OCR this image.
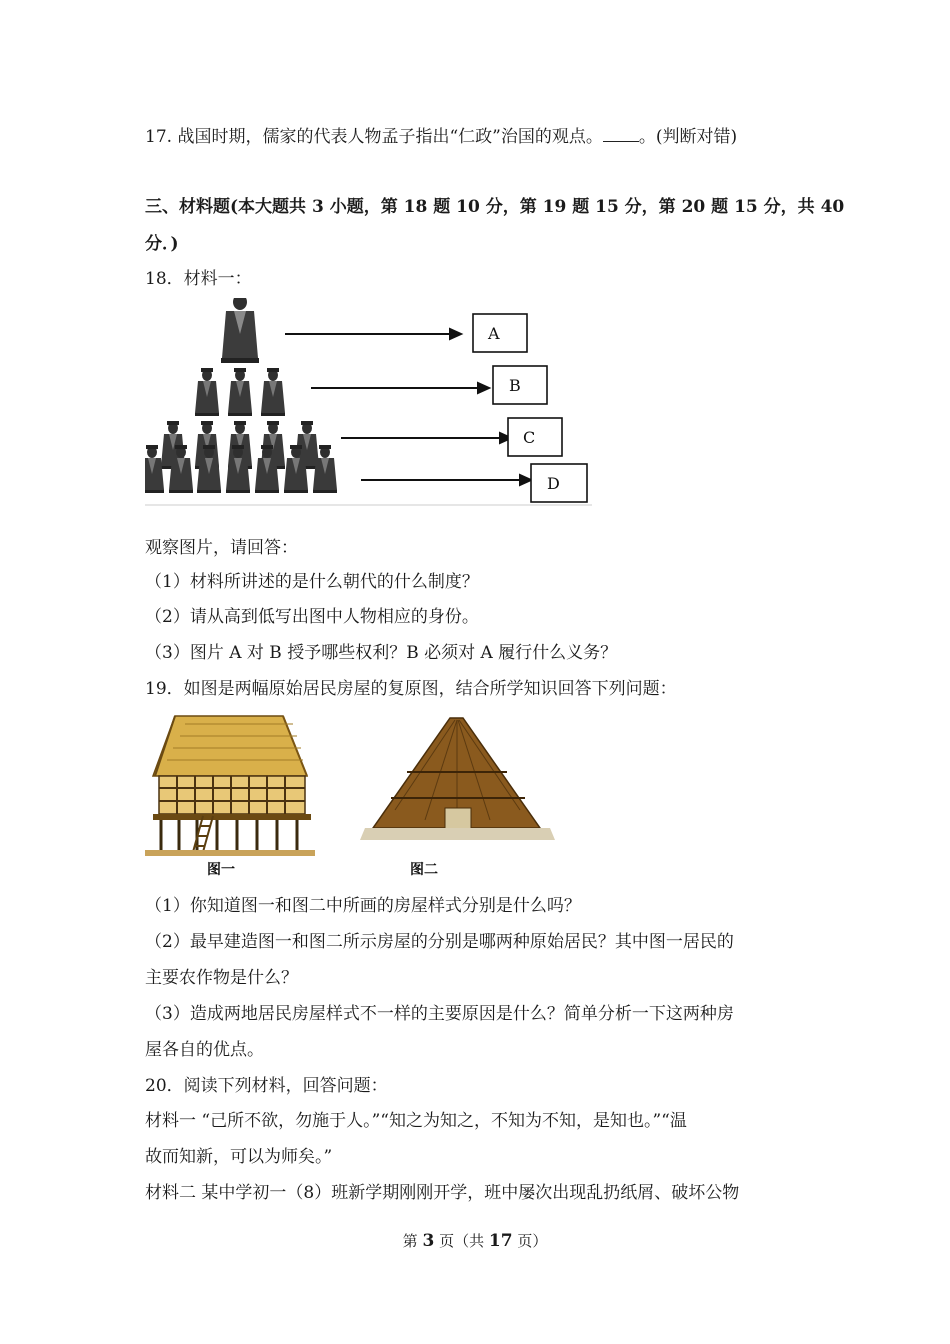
17. 战国时期，儒家的代表人物孟子指出“仁政”治国的观点。 。(判断对错)
三、材料题(本大题共 3 小题，第 18 题 10 分，第 19 题 15 分，第 20 题 15 分，共 40
分．)
18．材料一：
A
B
C
D
观察图片，请回答：
（1）材料所讲述的是什么朝代的什么制度？
（2）请从高到低写出图中人物相应的身份。
（3）图片 A 对 B 授予哪些权利？B 必须对 A 履行什么义务？
19．如图是两幅原始居民房屋的复原图，结合所学知识回答下列问题：
图一	图二
（1）你知道图一和图二中所画的房屋样式分别是什么吗？
（2）最早建造图一和图二所示房屋的分别是哪两种原始居民？其中图一居民的
主要农作物是什么？
（3）造成两地居民房屋样式不一样的主要原因是什么？简单分析一下这两种房
屋各自的优点。
20．阅读下列材料，回答问题：
材料一 “己所不欲，勿施于人。”“知之为知之，不知为不知，是知也。”“温
故而知新，可以为师矣。”
材料二 某中学初一（8）班新学期刚刚开学，班中屡次出现乱扔纸屑、破坏公物
第 3 页（共 17 页）
